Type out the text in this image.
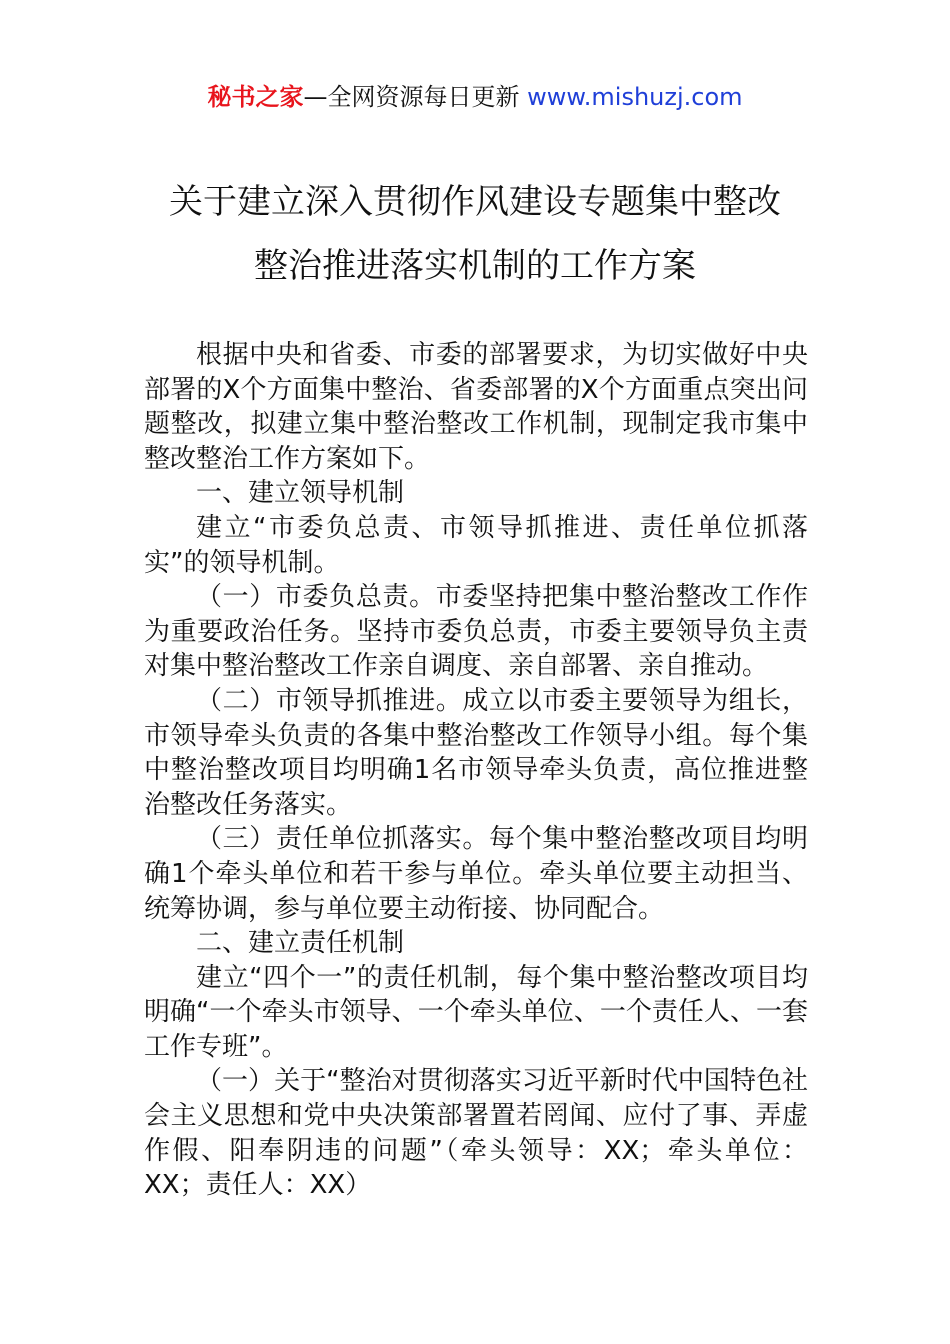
秘书之家—全网资源每日更新 www.mishuzj.com
关于建立深入贯彻作风建设专题集中整改
整治推进落实机制的工作方案

根据中央和省委、市委的部署要求，为切实做好中央部署的X个方面集中整治、省委部署的X个方面重点突出问题整改，拟建立集中整治整改工作机制，现制定我市集中整改整治工作方案如下。

一、建立领导机制

建立“市委负总责、市领导抓推进、责任单位抓落实”的领导机制。

（一）市委负总责。市委坚持把集中整治整改工作作为重要政治任务。坚持市委负总责，市委主要领导负主责对集中整治整改工作亲自调度、亲自部署、亲自推动。

（二）市领导抓推进。成立以市委主要领导为组长，市领导牵头负责的各集中整治整改工作领导小组。每个集中整治整改项目均明确1名市领导牵头负责，高位推进整治整改任务落实。

（三）责任单位抓落实。每个集中整治整改项目均明确1个牵头单位和若干参与单位。牵头单位要主动担当、统筹协调，参与单位要主动衔接、协同配合。

二、建立责任机制

建立“四个一”的责任机制，每个集中整治整改项目均明确“一个牵头市领导、一个牵头单位、一个责任人、一套工作专班”。

（一）关于“整治对贯彻落实习近平新时代中国特色社会主义思想和党中央决策部署置若罔闻、应付了事、弄虚作假、阳奉阴违的问题”（牵头领导：XX；牵头单位：XX；责任人：XX）
